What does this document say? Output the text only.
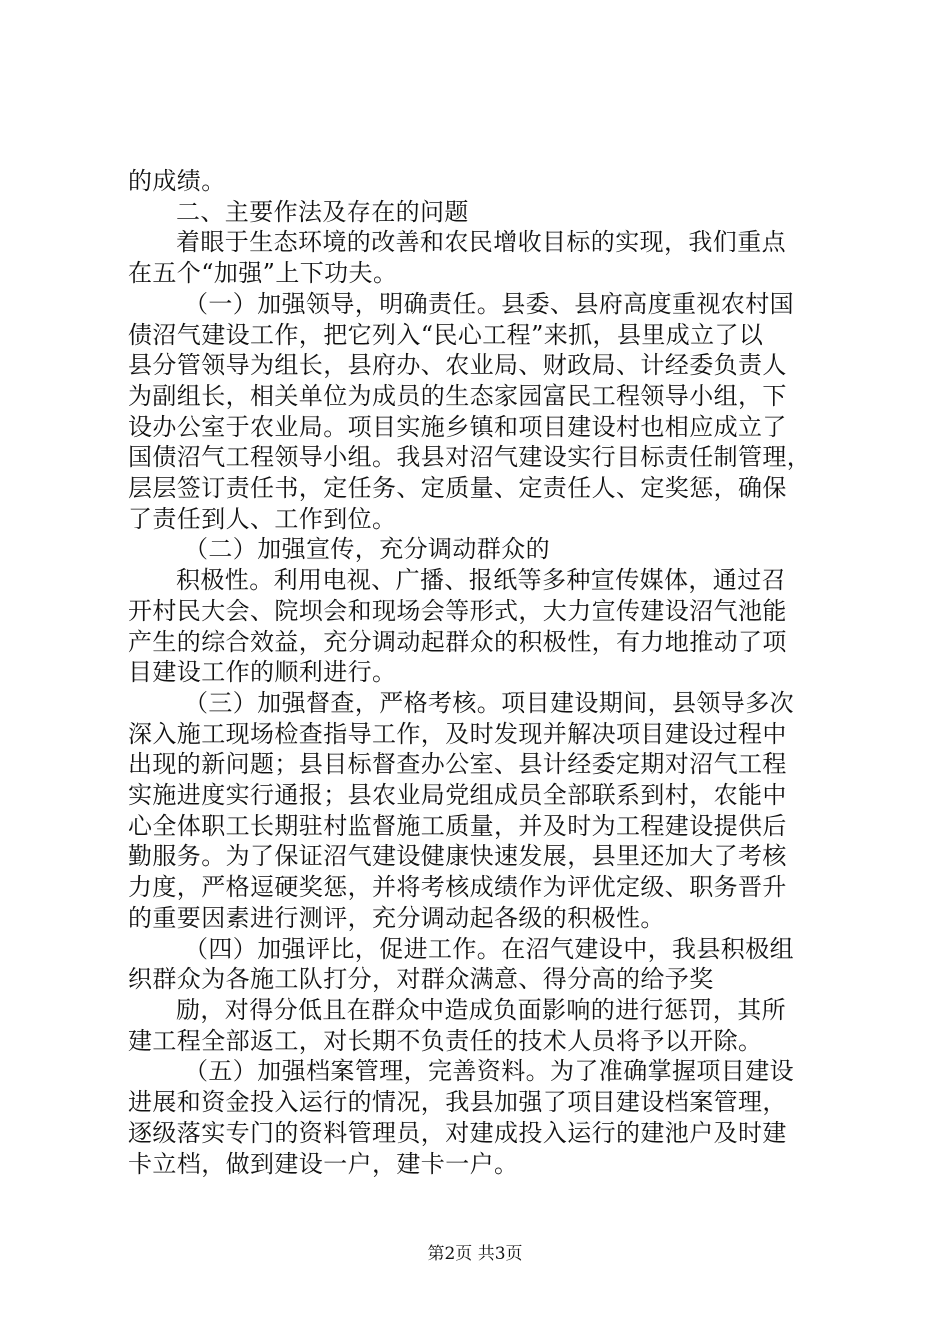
的成绩。
二、主要作法及存在的问题
着眼于生态环境的改善和农民增收目标的实现，我们重点
在五个“加强”上下功夫。
（一）加强领导，明确责任。县委、县府高度重视农村国
债沼气建设工作，把它列入“民心工程”来抓，县里成立了以
县分管领导为组长，县府办、农业局、财政局、计经委负责人
为副组长，相关单位为成员的生态家园富民工程领导小组，下
设办公室于农业局。项目实施乡镇和项目建设村也相应成立了
国债沼气工程领导小组。我县对沼气建设实行目标责任制管理，
层层签订责任书，定任务、定质量、定责任人、定奖惩，确保
了责任到人、工作到位。
（二）加强宣传，充分调动群众的
积极性。利用电视、广播、报纸等多种宣传媒体，通过召
开村民大会、院坝会和现场会等形式，大力宣传建设沼气池能
产生的综合效益，充分调动起群众的积极性，有力地推动了项
目建设工作的顺利进行。
（三）加强督查，严格考核。项目建设期间，县领导多次
深入施工现场检查指导工作，及时发现并解决项目建设过程中
出现的新问题；县目标督查办公室、县计经委定期对沼气工程
实施进度实行通报；县农业局党组成员全部联系到村，农能中
心全体职工长期驻村监督施工质量，并及时为工程建设提供后
勤服务。为了保证沼气建设健康快速发展，县里还加大了考核
力度，严格逗硬奖惩，并将考核成绩作为评优定级、职务晋升
的重要因素进行测评，充分调动起各级的积极性。
（四）加强评比，促进工作。在沼气建设中，我县积极组
织群众为各施工队打分，对群众满意、得分高的给予奖
励，对得分低且在群众中造成负面影响的进行惩罚，其所
建工程全部返工，对长期不负责任的技术人员将予以开除。
（五）加强档案管理，完善资料。为了准确掌握项目建设
进展和资金投入运行的情况，我县加强了项目建设档案管理，
逐级落实专门的资料管理员，对建成投入运行的建池户及时建
卡立档，做到建设一户，建卡一户。
第2页 共3页
